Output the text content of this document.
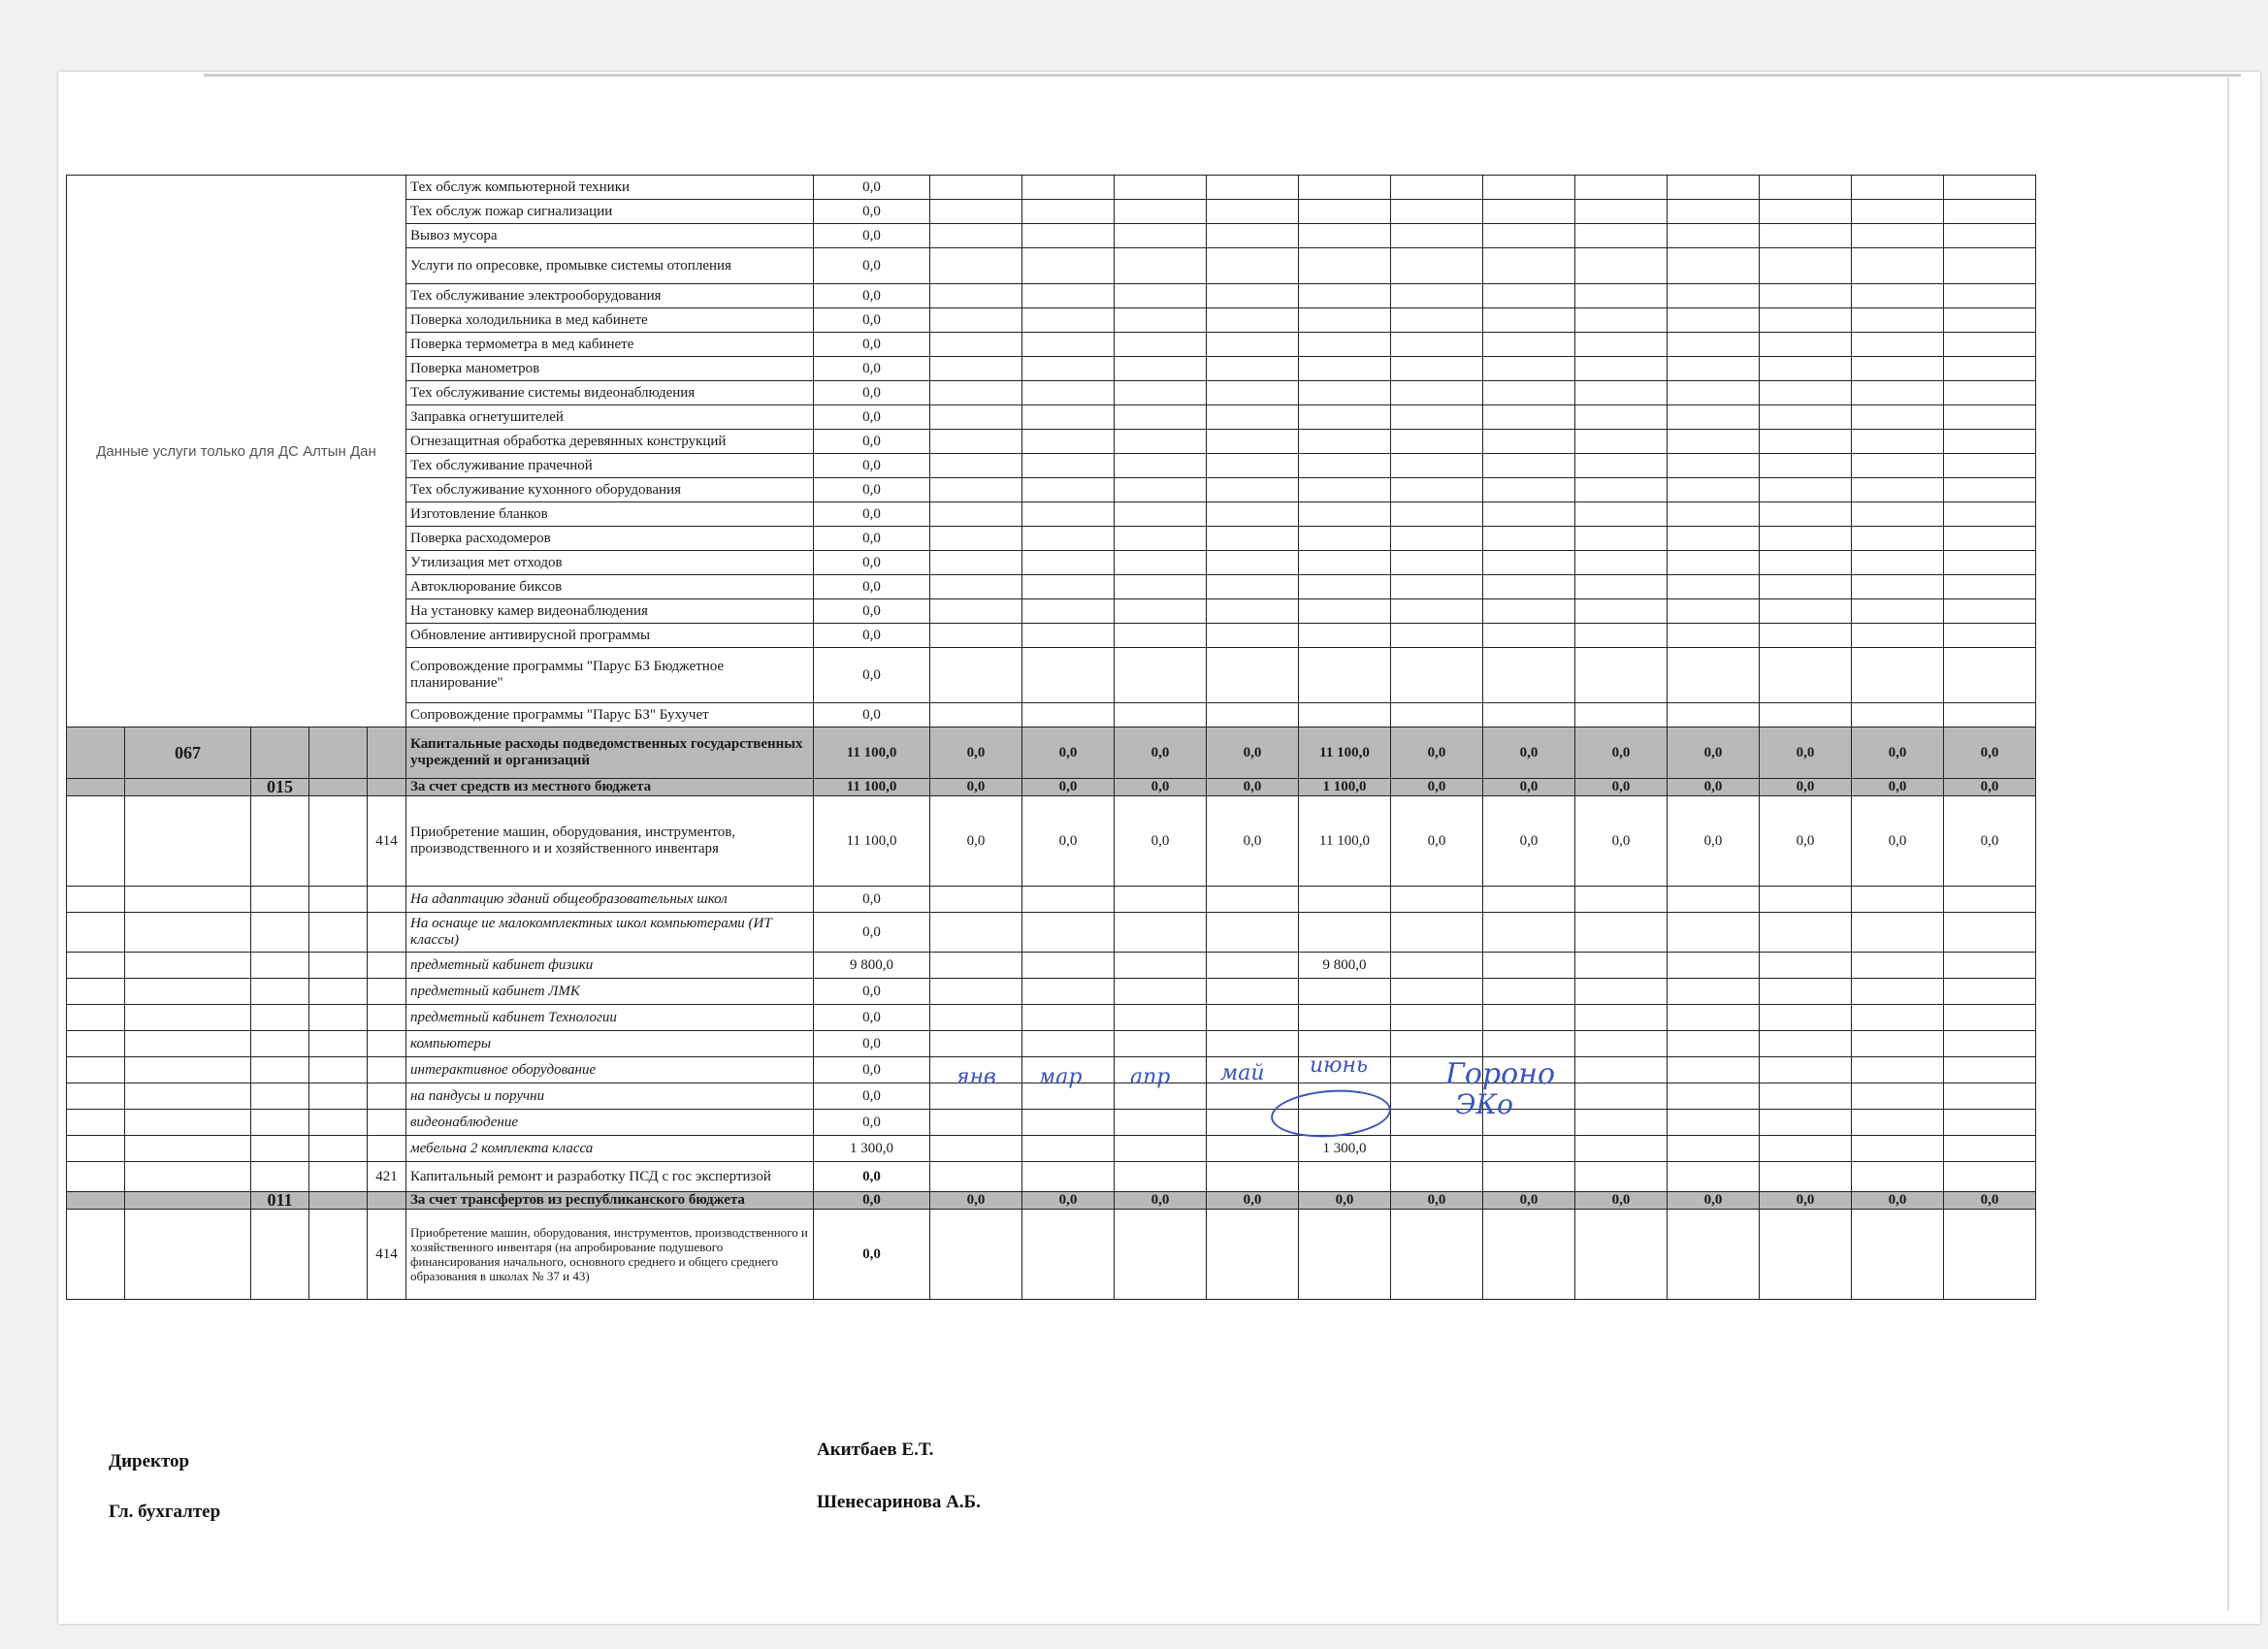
Данные услуги только для ДС Алтын Дан					Тех обслуж компьютерной техники	0,0												
					Тех обслуж пожар сигнализации	0,0												
					Вывоз мусора	0,0												
					Услуги по опресовке, промывке системы отопления	0,0												
					Тех обслуживание электрооборудования	0,0												
					Поверка холодильника в мед кабинете	0,0												
					Поверка термометра в мед кабинете	0,0												
					Поверка манометров	0,0												
					Тех обслуживание системы видеонаблюдения	0,0												
					Заправка огнетушителей	0,0												
					Огнезащитная обработка деревянных конструкций	0,0												
					Тех обслуживание прачечной	0,0												
					Тех обслуживание кухонного оборудования	0,0												
					Изготовление бланков	0,0												
					Поверка расходомеров	0,0												
					Утилизация мет отходов	0,0												
					Автоклюрование биксов	0,0												
					На установку камер видеонаблюдения	0,0												
					Обновление антивирусной программы	0,0												
					Сопровождение программы "Парус БЗ Бюджетное планирование"	0,0												
					Сопровождение программы "Парус БЗ" Бухучет	0,0												
	067				Капитальные расходы подведомственных государственных учреждений и организаций	11 100,0	0,0	0,0	0,0	0,0	11 100,0	0,0	0,0	0,0	0,0	0,0	0,0	0,0
		015			За счет средств из местного бюджета	11 100,0	0,0	0,0	0,0	0,0	1 100,0	0,0	0,0	0,0	0,0	0,0	0,0	0,0
				414	Приобретение машин, оборудования, инструментов, производственного и и хозяйственного инвентаря	11 100,0	0,0	0,0	0,0	0,0	11 100,0	0,0	0,0	0,0	0,0	0,0	0,0	0,0
					На адаптацию зданий общеобразовательных школ	0,0												
					На оснаще ие малокомплектных школ компьютерами (ИТ классы)	0,0												
					предметный кабинет физики	9 800,0					9 800,0							
					предметный кабинет ЛМК	0,0												
					предметный кабинет Технологии	0,0												
					компьютеры	0,0												
					интерактивное оборудование	0,0												
					на пандусы и поручни	0,0												
					видеонаблюдение	0,0												
					мебельна 2 комплекта класса	1 300,0					1 300,0							
				421	Капитальный ремонт и разработку ПСД с гос экспертизой	0,0												
		011			За счет трансфертов из республиканского бюджета	0,0	0,0	0,0	0,0	0,0	0,0	0,0	0,0	0,0	0,0	0,0	0,0	0,0
				414	Приобретение машин, оборудования, инструментов, производственного и хозяйственного инвентаря (на апробирование подушевого финансирования начального, основного среднего и общего среднего образования в школах № 37 и 43)	0,0												
янв мар апр май июнь	Гороно
ЭКо
Директор
Акитбаев Е.Т.
Гл. бухгалтер	Шенесаринова А.Б.
